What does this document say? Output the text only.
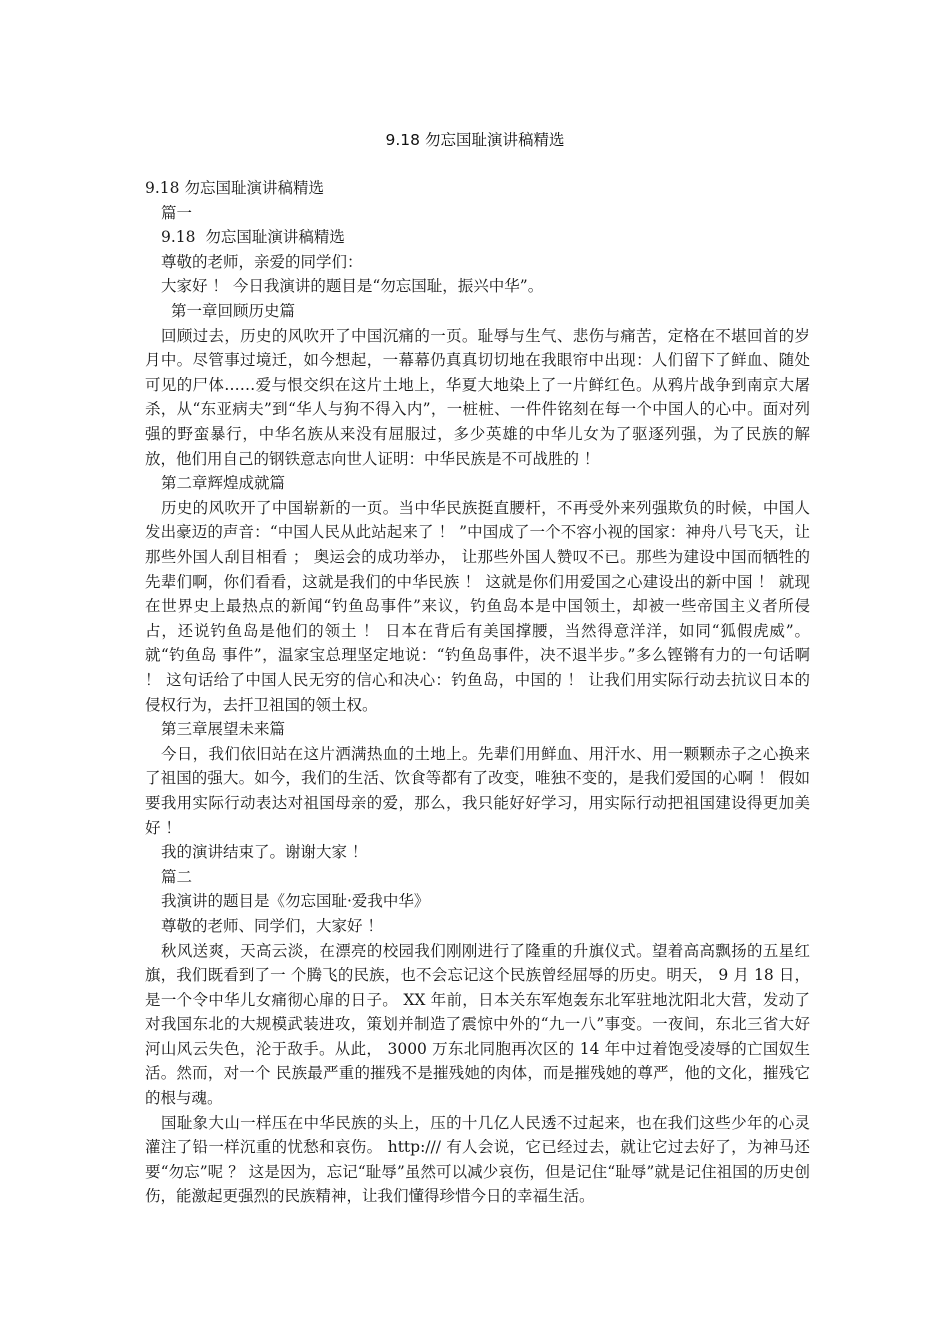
9.18 勿忘国耻演讲稿精选
9.18 勿忘国耻演讲稿精选
篇一
9.18  勿忘国耻演讲稿精选
尊敬的老师，亲爱的同学们：
大家好 ！ 今日我演讲的题目是“勿忘国耻，振兴中华”。
第一章回顾历史篇

回顾过去，历史的风吹开了中国沉痛的一页。耻辱与生气、悲伤与痛苦，定格在不堪回首的岁月中。尽管事过境迁，如今想起，一幕幕仍真真切切地在我眼帘中出现：人们留下了鲜血、随处可见的尸体……爱与恨交织在这片土地上，华夏大地染上了一片鲜红色。从鸦片战争到南京大屠杀，从“东亚病夫”到“华人与狗不得入内”，一桩桩、一件件铭刻在每一个中国人的心中。面对列强的野蛮暴行，中华名族从来没有屈服过，多少英雄的中华儿女为了驱逐列强，为了民族的解放，他们用自己的钢铁意志向世人证明：中华民族是不可战胜的 ！

第二章辉煌成就篇

历史的风吹开了中国崭新的一页。当中华民族挺直腰杆，不再受外来列强欺负的时候，中国人发出豪迈的声音：“中国人民从此站起来了 ！ ”中国成了一个不容小视的国家：神舟八号飞天，让那些外国人刮目相看 ； 奥运会的成功举办， 让那些外国人赞叹不已。那些为建设中国而牺牲的先辈们啊，你们看看，这就是我们的中华民族 ！ 这就是你们用爱国之心建设出的新中国 ！ 就现在世界史上最热点的新闻“钓鱼岛事件”来议，钓鱼岛本是中国领土，却被一些帝国主义者所侵占，还说钓鱼岛是他们的领土 ！ 日本在背后有美国撑腰，当然得意洋洋，如同“狐假虎威”。就“钓鱼岛 事件”，温家宝总理坚定地说：“钓鱼岛事件，决不退半步。”多么铿锵有力的一句话啊 ！ 这句话给了中国人民无穷的信心和决心：钓鱼岛，中国的 ！ 让我们用实际行动去抗议日本的侵权行为，去扞卫祖国的领土权。

第三章展望未来篇

今日，我们依旧站在这片洒满热血的土地上。先辈们用鲜血、用汗水、用一颗颗赤子之心换来了祖国的强大。如今，我们的生活、饮食等都有了改变，唯独不变的，是我们爱国的心啊 ！ 假如要我用实际行动表达对祖国母亲的爱，那么，我只能好好学习，用实际行动把祖国建设得更加美好 ！

我的演讲结束了。谢谢大家 ！
篇二
我演讲的题目是《勿忘国耻·爱我中华》
尊敬的老师、同学们，大家好 ！

秋风送爽，天高云淡，在漂亮的校园我们刚刚进行了隆重的升旗仪式。望着高高飘扬的五星红旗，我们既看到了一 个腾飞的民族，也不会忘记这个民族曾经屈辱的历史。明天， 9 月 18 日，是一个令中华儿女痛彻心扉的日子。 XX 年前，日本关东军炮轰东北军驻地沈阳北大营，发动了对我国东北的大规模武装进攻，策划并制造了震惊中外的“九一八”事变。一夜间，东北三省大好河山风云失色，沦于敌手。从此， 3000 万东北同胞再次区的 14 年中过着饱受凌辱的亡国奴生活。然而，对一个 民族最严重的摧残不是摧残她的肉体，而是摧残她的尊严，他的文化，摧残它的根与魂。

国耻象大山一样压在中华民族的头上，压的十几亿人民透不过起来，也在我们这些少年的心灵灌注了铅一样沉重的忧愁和哀伤。 http:/// 有人会说，它已经过去，就让它过去好了，为神马还要“勿忘”呢 ？ 这是因为，忘记“耻辱”虽然可以减少哀伤，但是记住“耻辱”就是记住祖国的历史创伤，能激起更强烈的民族精神，让我们懂得珍惜今日的幸福生活。
